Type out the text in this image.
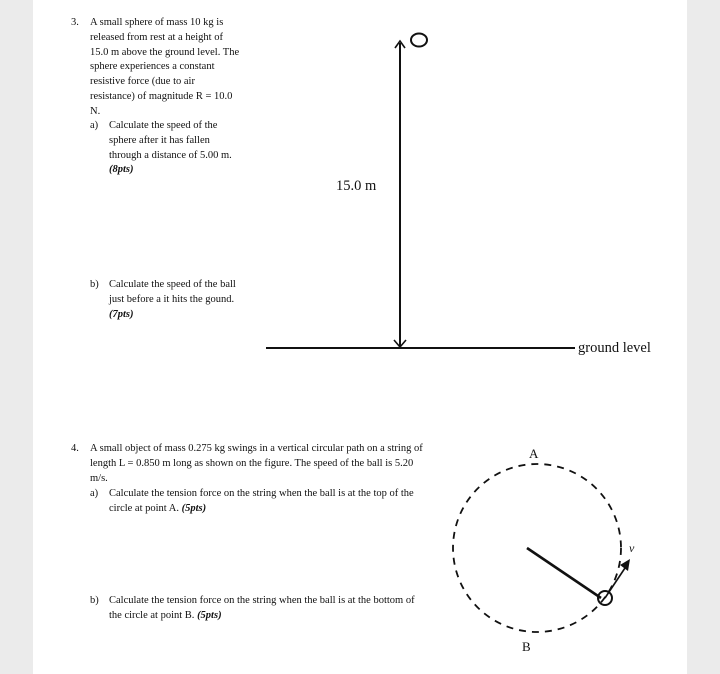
3. A small sphere of mass 10 kg is released from rest at a height of 15.0 m above the ground level. The sphere experiences a constant resistive force (due to air resistance) of magnitude R = 10.0 N.
a) Calculate the speed of the sphere after it has fallen through a distance of 5.00 m. (8pts)
b) Calculate the speed of the ball just before a it hits the gound. (7pts)
4. A small object of mass 0.275 kg swings in a vertical circular path on a string of length L = 0.850 m long as shown on the figure. The speed of the ball is 5.20 m/s.
a) Calculate the tension force on the string when the ball is at the top of the circle at point A. (5pts)
b) Calculate the tension force on the string when the ball is at the bottom of the circle at point B. (5pts)
15.0 m
ground level
A
B
v
